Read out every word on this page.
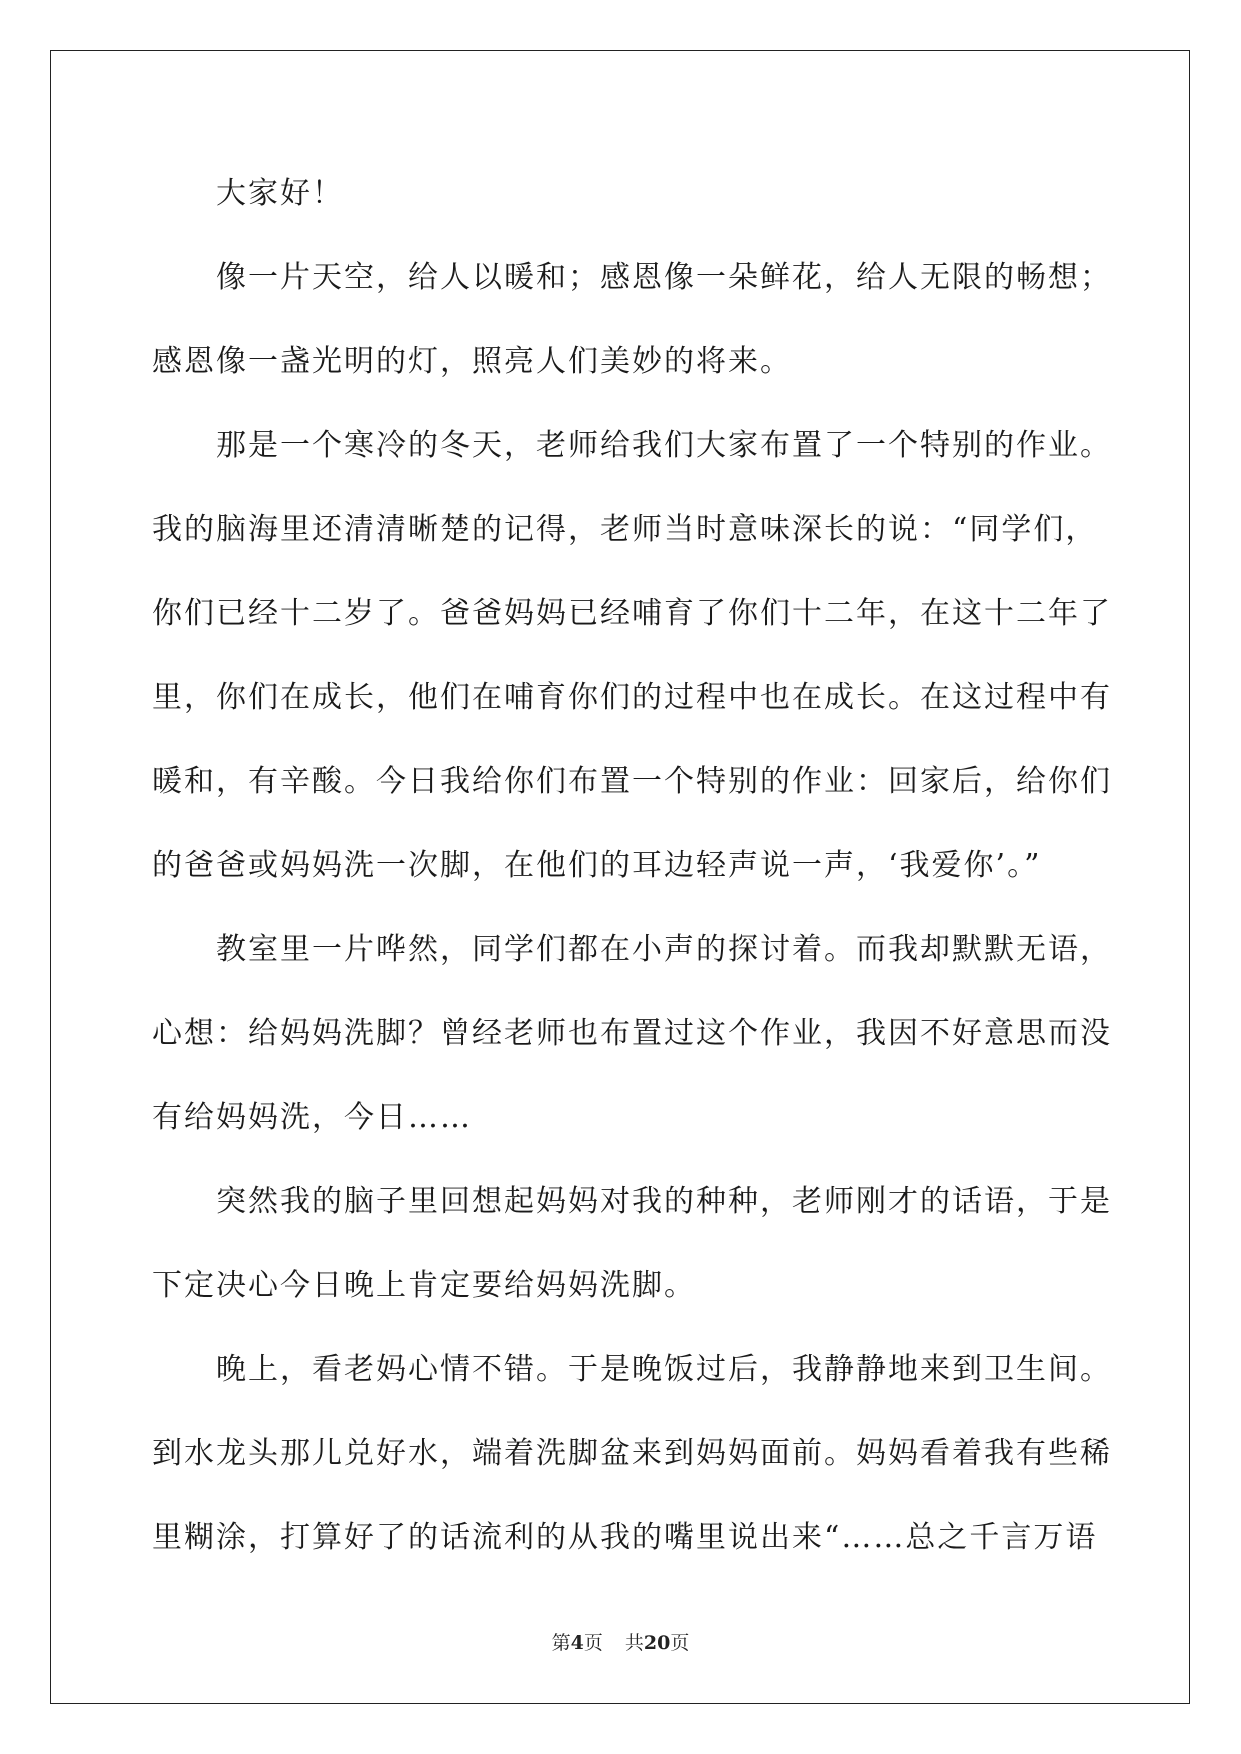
大家好！
像一片天空，给人以暖和；感恩像一朵鲜花，给人无限的畅想；
感恩像一盏光明的灯，照亮人们美妙的将来。
那是一个寒冷的冬天，老师给我们大家布置了一个特别的作业。
我的脑海里还清清晰楚的记得，老师当时意味深长的说：“同学们，
你们已经十二岁了。爸爸妈妈已经哺育了你们十二年，在这十二年了
里，你们在成长，他们在哺育你们的过程中也在成长。在这过程中有
暖和，有辛酸。今日我给你们布置一个特别的作业：回家后，给你们
的爸爸或妈妈洗一次脚，在他们的耳边轻声说一声，‘我爱你’。”
教室里一片哗然，同学们都在小声的探讨着。而我却默默无语，
心想：给妈妈洗脚？曾经老师也布置过这个作业，我因不好意思而没
有给妈妈洗，今日……
突然我的脑子里回想起妈妈对我的种种，老师刚才的话语，于是
下定决心今日晚上肯定要给妈妈洗脚。
晚上，看老妈心情不错。于是晚饭过后，我静静地来到卫生间。
到水龙头那儿兑好水，端着洗脚盆来到妈妈面前。妈妈看着我有些稀
里糊涂，打算好了的话流利的从我的嘴里说出来“……总之千言万语
第4页 共20页
